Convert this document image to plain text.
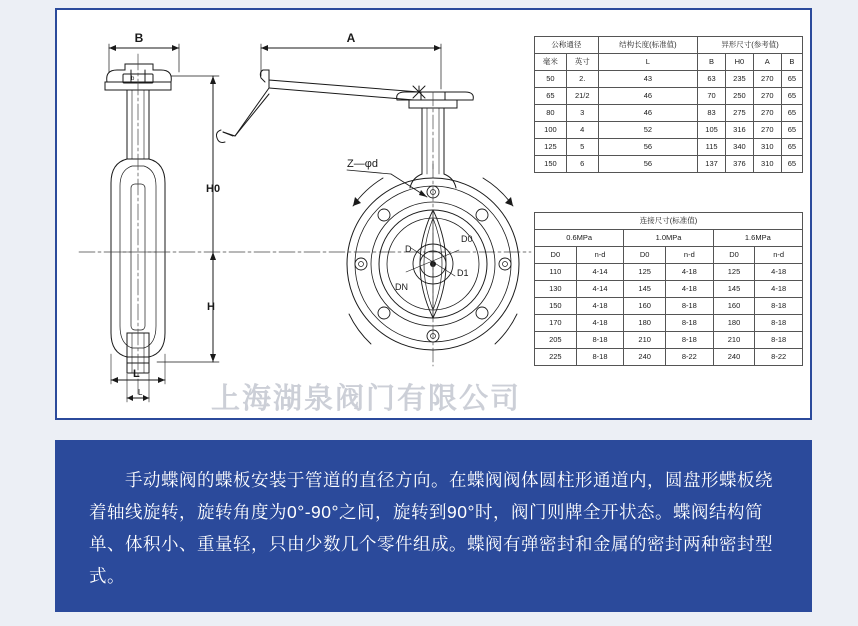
B
b
H0
H
L
L
A
Z—φd
D
D1
DN
D0
公称通径		结构长度(标准值)	异形尺寸(参考值)			
毫米	英寸	L	B	H0	A	B
50	2.	43	63	235	270	65
65	21/2	46	70	250	270	65
80	3	46	83	275	270	65
100	4	52	105	316	270	65
125	5	56	115	340	310	65
150	6	56	137	376	310	65
连接尺寸(标准值)					
0.6MPa		1.0MPa		1.6MPa	
D0	n-d	D0	n-d	D0	n-d
110	4-14	125	4-18	125	4-18
130	4-14	145	4-18	145	4-18
150	4-18	160	8-18	160	8-18
170	4-18	180	8-18	180	8-18
205	8-18	210	8-18	210	8-18
225	8-18	240	8-22	240	8-22
上海湖泉阀门有限公司

手动蝶阀的蝶板安装于管道的直径方向。在蝶阀阀体圆柱形通道内，圆盘形蝶板绕着轴线旋转，旋转角度为0°-90°之间，旋转到90°时，阀门则牌全开状态。蝶阀结构简单、体积小、重量轻，只由少数几个零件组成。蝶阀有弹密封和金属的密封两种密封型式。
